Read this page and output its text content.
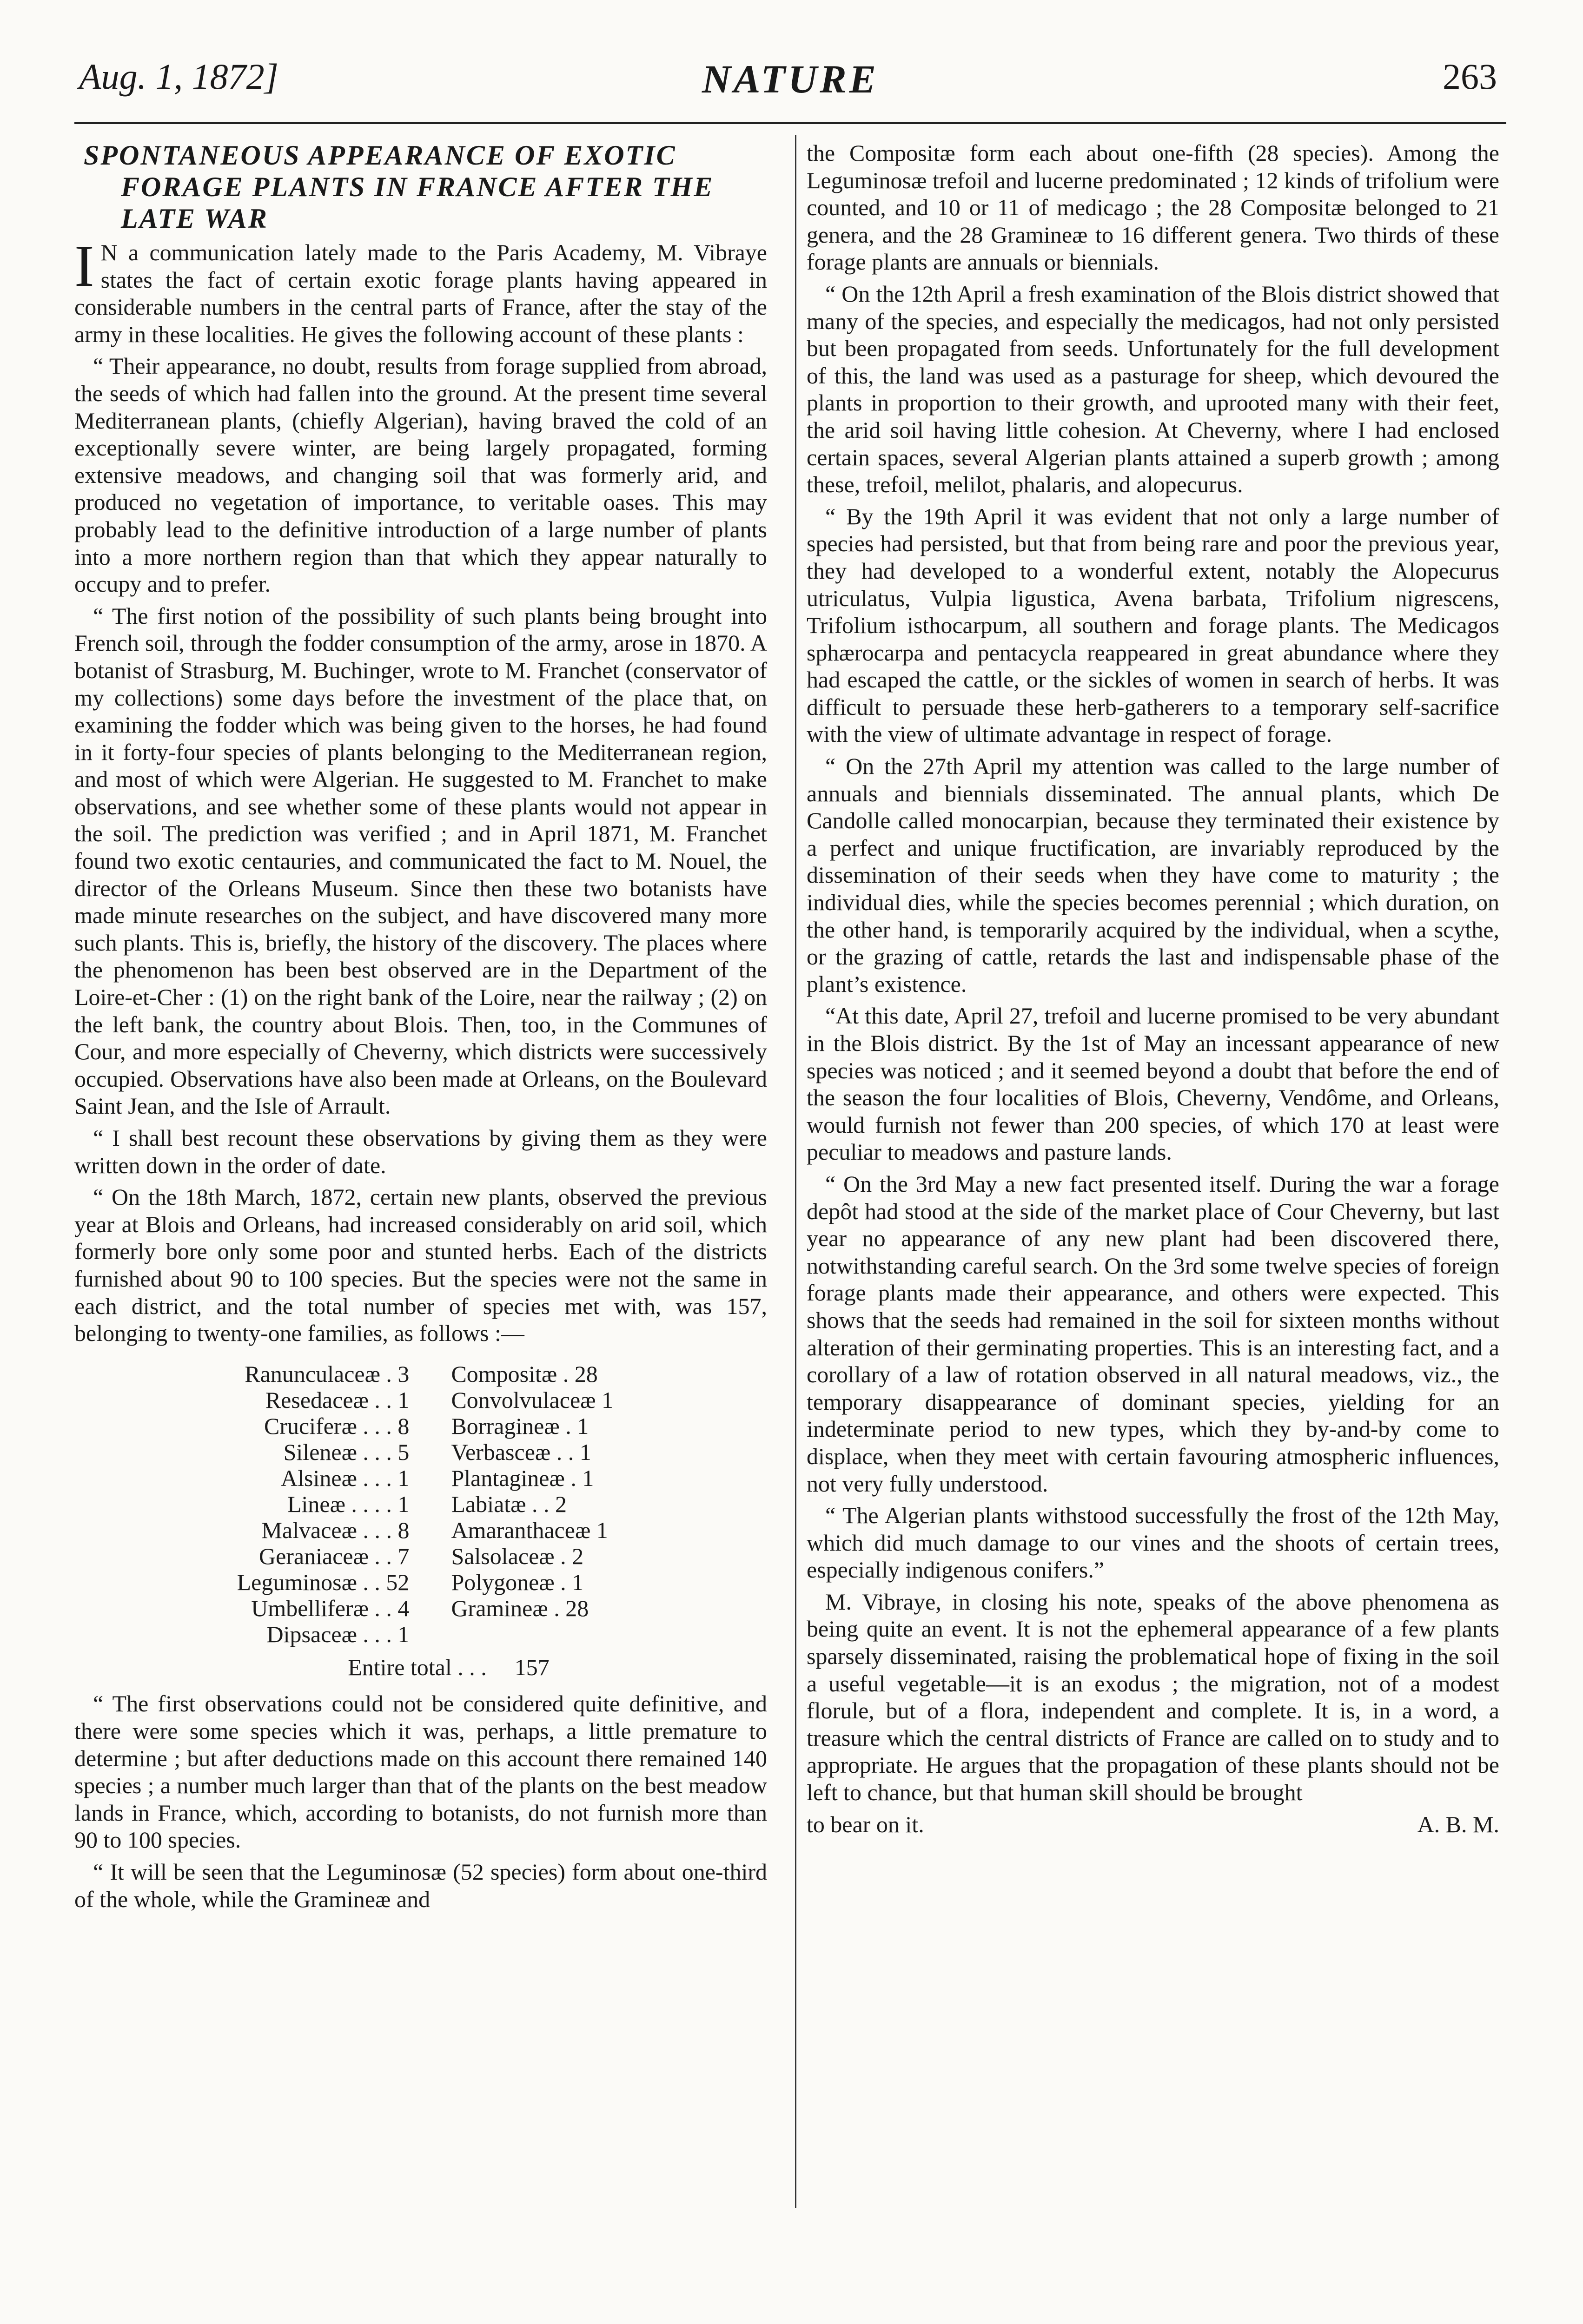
Aug. 1, 1872]	NATURE	263
SPONTANEOUS APPEARANCE OF EXOTIC
FORAGE PLANTS IN FRANCE AFTER THE
LATE WAR

I N a communication lately made to the Paris Academy, M. Vibraye states the fact of certain exotic forage plants having appeared in considerable numbers in the central parts of France, after the stay of the army in these localities. He gives the following account of these plants :

“ Their appearance, no doubt, results from forage supplied from abroad, the seeds of which had fallen into the ground. At the present time several Mediterranean plants, (chiefly Algerian), having braved the cold of an exceptionally severe winter, are being largely propagated, forming extensive meadows, and changing soil that was formerly arid, and produced no vegetation of importance, to veritable oases. This may probably lead to the definitive introduction of a large number of plants into a more northern region than that which they appear naturally to occupy and to prefer.

“ The first notion of the possibility of such plants being brought into French soil, through the fodder consumption of the army, arose in 1870. A botanist of Strasburg, M. Buchinger, wrote to M. Franchet (conservator of my collections) some days before the investment of the place that, on examining the fodder which was being given to the horses, he had found in it forty-four species of plants belonging to the Mediterranean region, and most of which were Algerian. He suggested to M. Franchet to make observations, and see whether some of these plants would not appear in the soil. The prediction was verified ; and in April 1871, M. Franchet found two exotic centauries, and communicated the fact to M. Nouel, the director of the Orleans Museum. Since then these two botanists have made minute researches on the subject, and have discovered many more such plants. This is, briefly, the history of the discovery. The places where the phenomenon has been best observed are in the Department of the Loire-et-Cher : (1) on the right bank of the Loire, near the railway ; (2) on the left bank, the country about Blois. Then, too, in the Communes of Cour, and more especially of Cheverny, which districts were successively occupied. Observations have also been made at Orleans, on the Boulevard Saint Jean, and the Isle of Arrault.

“ I shall best recount these observations by giving them as they were written down in the order of date.

“ On the 18th March, 1872, certain new plants, observed the previous year at Blois and Orleans, had increased considerably on arid soil, which formerly bore only some poor and stunted herbs. Each of the districts furnished about 90 to 100 species. But the species were not the same in each district, and the total number of species met with, was 157, belonging to twenty-one families, as follows :—

Ranunculaceæ . 3	Compositæ . 28
Resedaceæ . . 1	Convolvulaceæ 1
Cruciferæ . . . 8	Borragineæ . 1
Sileneæ . . . 5	Verbasceæ . . 1
Alsineæ . . . 1	Plantagineæ . 1
Lineæ . . . . 1	Labiatæ . . 2
Malvaceæ . . . 8	Amaranthaceæ 1
Geraniaceæ . . 7	Salsolaceæ . 2
Leguminosæ . . 52	Polygoneæ . 1
Umbelliferæ . . 4	Gramineæ . 28
Dipsaceæ . . . 1	
Entire total . . . 157

“ The first observations could not be considered quite definitive, and there were some species which it was, perhaps, a little premature to determine ; but after deductions made on this account there remained 140 species ; a number much larger than that of the plants on the best meadow lands in France, which, according to botanists, do not furnish more than 90 to 100 species.

“ It will be seen that the Leguminosæ (52 species) form about one-third of the whole, while the Gramineæ and

the Compositæ form each about one-fifth (28 species). Among the Leguminosæ trefoil and lucerne predominated ; 12 kinds of trifolium were counted, and 10 or 11 of medicago ; the 28 Compositæ belonged to 21 genera, and the 28 Gramineæ to 16 different genera. Two thirds of these forage plants are annuals or biennials.

“ On the 12th April a fresh examination of the Blois district showed that many of the species, and especially the medicagos, had not only persisted but been propagated from seeds. Unfortunately for the full development of this, the land was used as a pasturage for sheep, which devoured the plants in proportion to their growth, and uprooted many with their feet, the arid soil having little cohesion. At Cheverny, where I had enclosed certain spaces, several Algerian plants attained a superb growth ; among these, trefoil, melilot, phalaris, and alopecurus.

“ By the 19th April it was evident that not only a large number of species had persisted, but that from being rare and poor the previous year, they had developed to a wonderful extent, notably the Alopecurus utriculatus, Vulpia ligustica, Avena barbata, Trifolium nigrescens, Trifolium isthocarpum, all southern and forage plants. The Medicagos sphærocarpa and pentacycla reappeared in great abundance where they had escaped the cattle, or the sickles of women in search of herbs. It was difficult to persuade these herb-gatherers to a temporary self-sacrifice with the view of ultimate advantage in respect of forage.

“ On the 27th April my attention was called to the large number of annuals and biennials disseminated. The annual plants, which De Candolle called monocarpian, because they terminated their existence by a perfect and unique fructification, are invariably reproduced by the dissemination of their seeds when they have come to maturity ; the individual dies, while the species becomes perennial ; which duration, on the other hand, is temporarily acquired by the individual, when a scythe, or the grazing of cattle, retards the last and indispensable phase of the plant’s existence.

“At this date, April 27, trefoil and lucerne promised to be very abundant in the Blois district. By the 1st of May an incessant appearance of new species was noticed ; and it seemed beyond a doubt that before the end of the season the four localities of Blois, Cheverny, Vendôme, and Orleans, would furnish not fewer than 200 species, of which 170 at least were peculiar to meadows and pasture lands.

“ On the 3rd May a new fact presented itself. During the war a forage depôt had stood at the side of the market place of Cour Cheverny, but last year no appearance of any new plant had been discovered there, notwithstanding careful search. On the 3rd some twelve species of foreign forage plants made their appearance, and others were expected. This shows that the seeds had remained in the soil for sixteen months without alteration of their germinating properties. This is an interesting fact, and a corollary of a law of rotation observed in all natural meadows, viz., the temporary disappearance of dominant species, yielding for an indeterminate period to new types, which they by-and-by come to displace, when they meet with certain favouring atmospheric influences, not very fully understood.

“ The Algerian plants withstood successfully the frost of the 12th May, which did much damage to our vines and the shoots of certain trees, especially indigenous conifers.”

M. Vibraye, in closing his note, speaks of the above phenomena as being quite an event. It is not the ephemeral appearance of a few plants sparsely disseminated, raising the problematical hope of fixing in the soil a useful vegetable—it is an exodus ; the migration, not of a modest florule, but of a flora, independent and complete. It is, in a word, a treasure which the central districts of France are called on to study and to appropriate. He argues that the propagation of these plants should not be left to chance, but that human skill should be brought

to bear on it.	A. B. M.
